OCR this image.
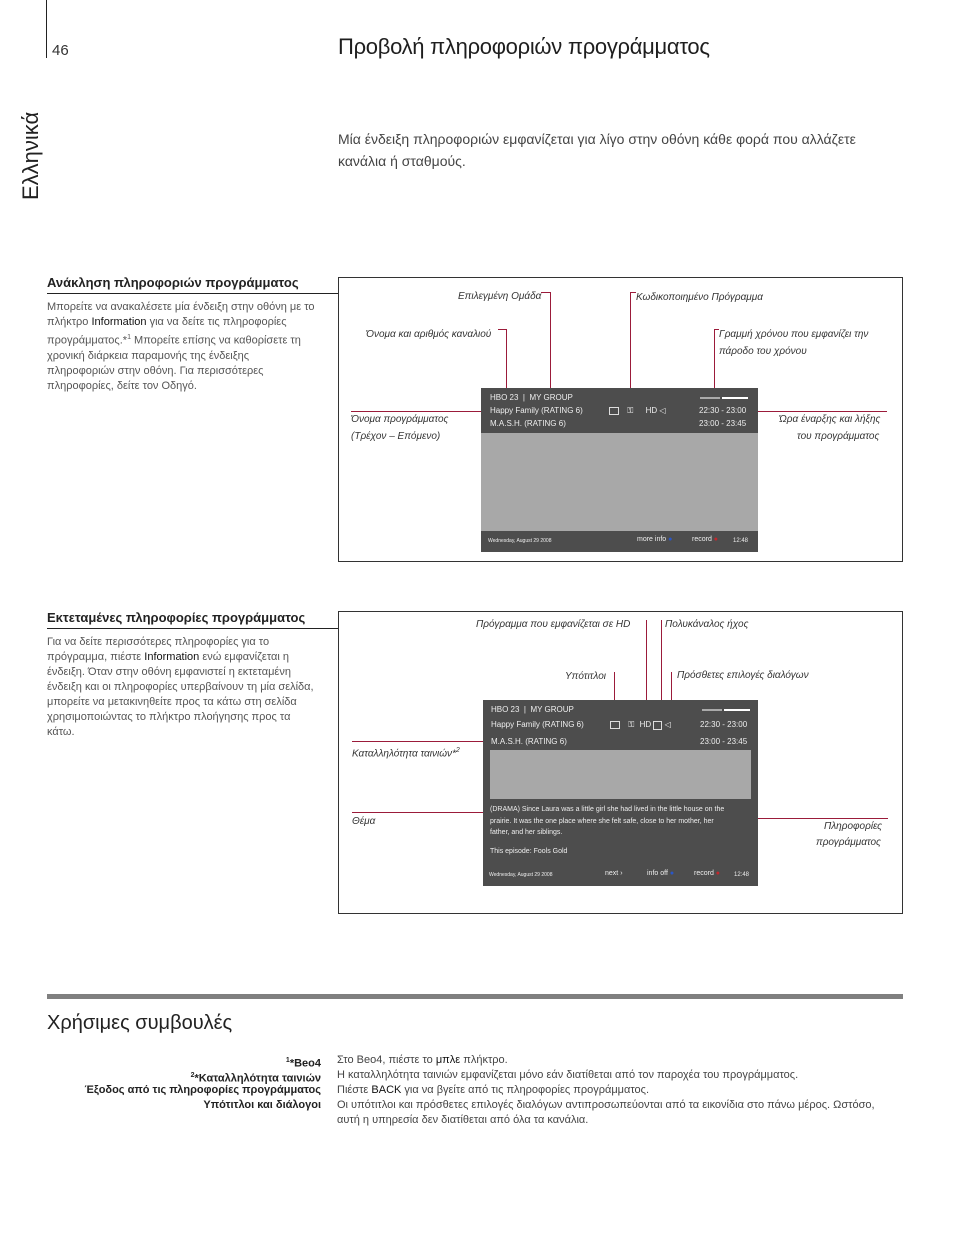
46	Προβολή πληροφοριών προγράμματος
Ελληνικά	Μία ένδειξη πληροφοριών εμφανίζεται για λίγο στην οθόνη κάθε φορά που αλλάζετε κανάλια ή σταθμούς.
Ανάκληση πληροφοριών προγράμματος
Μπορείτε να ανακαλέσετε μία ένδειξη στην οθόνη με το πλήκτρο Information για να δείτε τις πληροφορίες προγράμματος.*$^1$ Μπορείτε επίσης να καθορίσετε τη χρονική διάρκεια παραμονής της ένδειξης πληροφοριών στην οθόνη. Για περισσότερες πληροφορίες, δείτε τον Οδηγό.
Επιλεγμένη Ομάδα	Κωδικοποιημένο Πρόγραμμα
Όνομα και αριθμός καναλιού	Γραμμή χρόνου που εμφανίζει την
πάροδο του χρόνου
Όνομα προγράμματος
(Τρέχον – Επόμενο)
Ώρα έναρξης και λήξης
του προγράμματος
HBO 23  |  MY GROUP
Happy Family (RATING 6)
M.A.S.H. (RATING 6)
⚿ HD ◁	22:30 - 23:00
23:00 - 23:45
Wednesday, August 29 2008	more info ●	record ● 12:48
Εκτεταμένες πληροφορίες προγράμματος
Για να δείτε περισσότερες πληροφορίες για το πρόγραμμα, πιέστε Information ενώ εμφανίζεται η ένδειξη. Όταν στην οθόνη εμφανιστεί η εκτεταμένη ένδειξη και οι πληροφορίες υπερβαίνουν τη μία σελίδα, μπορείτε να μετακινηθείτε προς τα κάτω στη σελίδα χρησιμοποιώντας το πλήκτρο πλοήγησης προς τα κάτω.
Πρόγραμμα που εμφανίζεται σε HD	Πολυκάναλος ήχος
Υπότιτλοι	Πρόσθετες επιλογές διαλόγων
Καταλληλότητα ταινιών*$^2$
Θέμα	Πληροφορίες
προγράμματος
HBO 23  |  MY GROUP
Happy Family (RATING 6)
M.A.S.H. (RATING 6)
⚿ HD ◁	22:30 - 23:00
23:00 - 23:45
(DRAMA) Since Laura was a little girl she had lived in the little house on the
prairie. It was the one place where she felt safe, close to her mother, her
father, and her siblings.
This episode: Fools Gold
Wednesday, August 29 2008	next ›	info off ●	record ● 12:48
Χρήσιμες συμβουλές
$^1$*Beo4
$^2$*Καταλληλότητα ταινιών
Έξοδος από τις πληροφορίες προγράμματος
Υπότιτλοι και διάλογοι
Στο Beo4, πιέστε το μπλε πλήκτρο.
Η καταλληλότητα ταινιών εμφανίζεται μόνο εάν διατίθεται από τον παροχέα του προγράμματος.
Πιέστε BACK για να βγείτε από τις πληροφορίες προγράμματος.
Οι υπότιτλοι και πρόσθετες επιλογές διαλόγων αντιπροσωπεύονται από τα εικονίδια στο πάνω μέρος. Ωστόσο, αυτή η υπηρεσία δεν διατίθεται από όλα τα κανάλια.
